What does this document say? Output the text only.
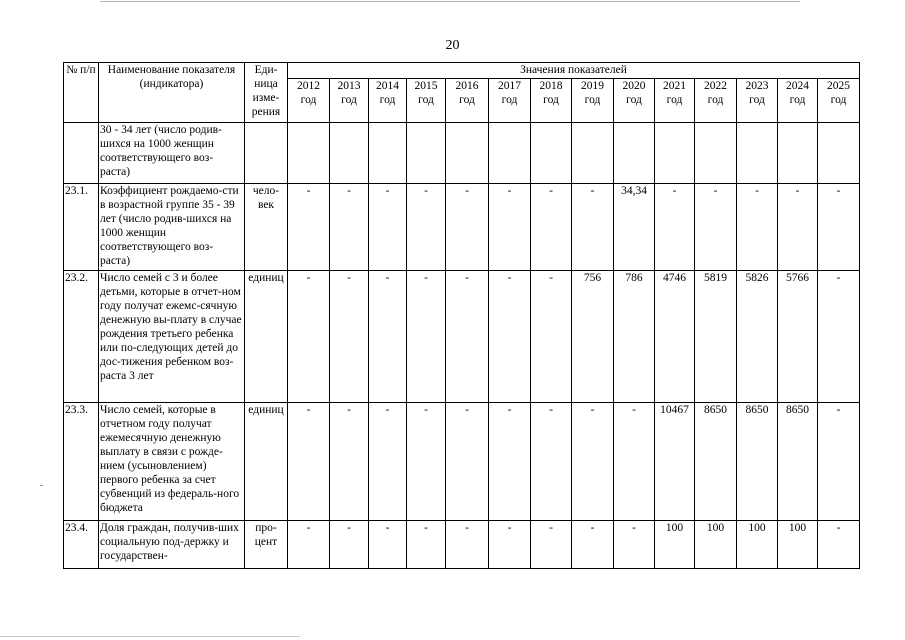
20
№ п/п	Наименование показателя (индикатора)	Еди-ница изме-рения	Значения показателей													
			2012 год	2013 год	2014 год	2015 год	2016 год	2017 год	2018 год	2019 год	2020 год	2021 год	2022 год	2023 год	2024 год	2025 год
	30 - 34 лет (число родив-шихся на 1000 женщин соответствующего воз-раста)															
23.1.	Коэффициент рождаемо-сти в возрастной группе 35 - 39 лет (число родив-шихся на 1000 женщин соответствующего воз-раста)	чело-век	-	-	-	-	-	-	-	-	34,34	-	-	-	-	-
23.2.	Число семей с 3 и более детьми, которые в отчет-ном году получат ежемс-сячную денежную вы-плату в случае рождения третьего ребенка или по-следующих детей до дос-тижения ребенком воз-раста 3 лет	единиц	-	-	-	-	-	-	-	756	786	4746	5819	5826	5766	-
23.3.	Число семей, которые в отчетном году получат ежемесячную денежную выплату в связи с рожде-нием (усыновлением) первого ребенка за счет субвенций из федераль-ного бюджета	единиц	-	-	-	-	-	-	-	-	-	10467	8650	8650	8650	-
23.4.	Доля граждан, получив-ших социальную под-держку и государствен-	про-цент	-	-	-	-	-	-	-	-	-	100	100	100	100	-
